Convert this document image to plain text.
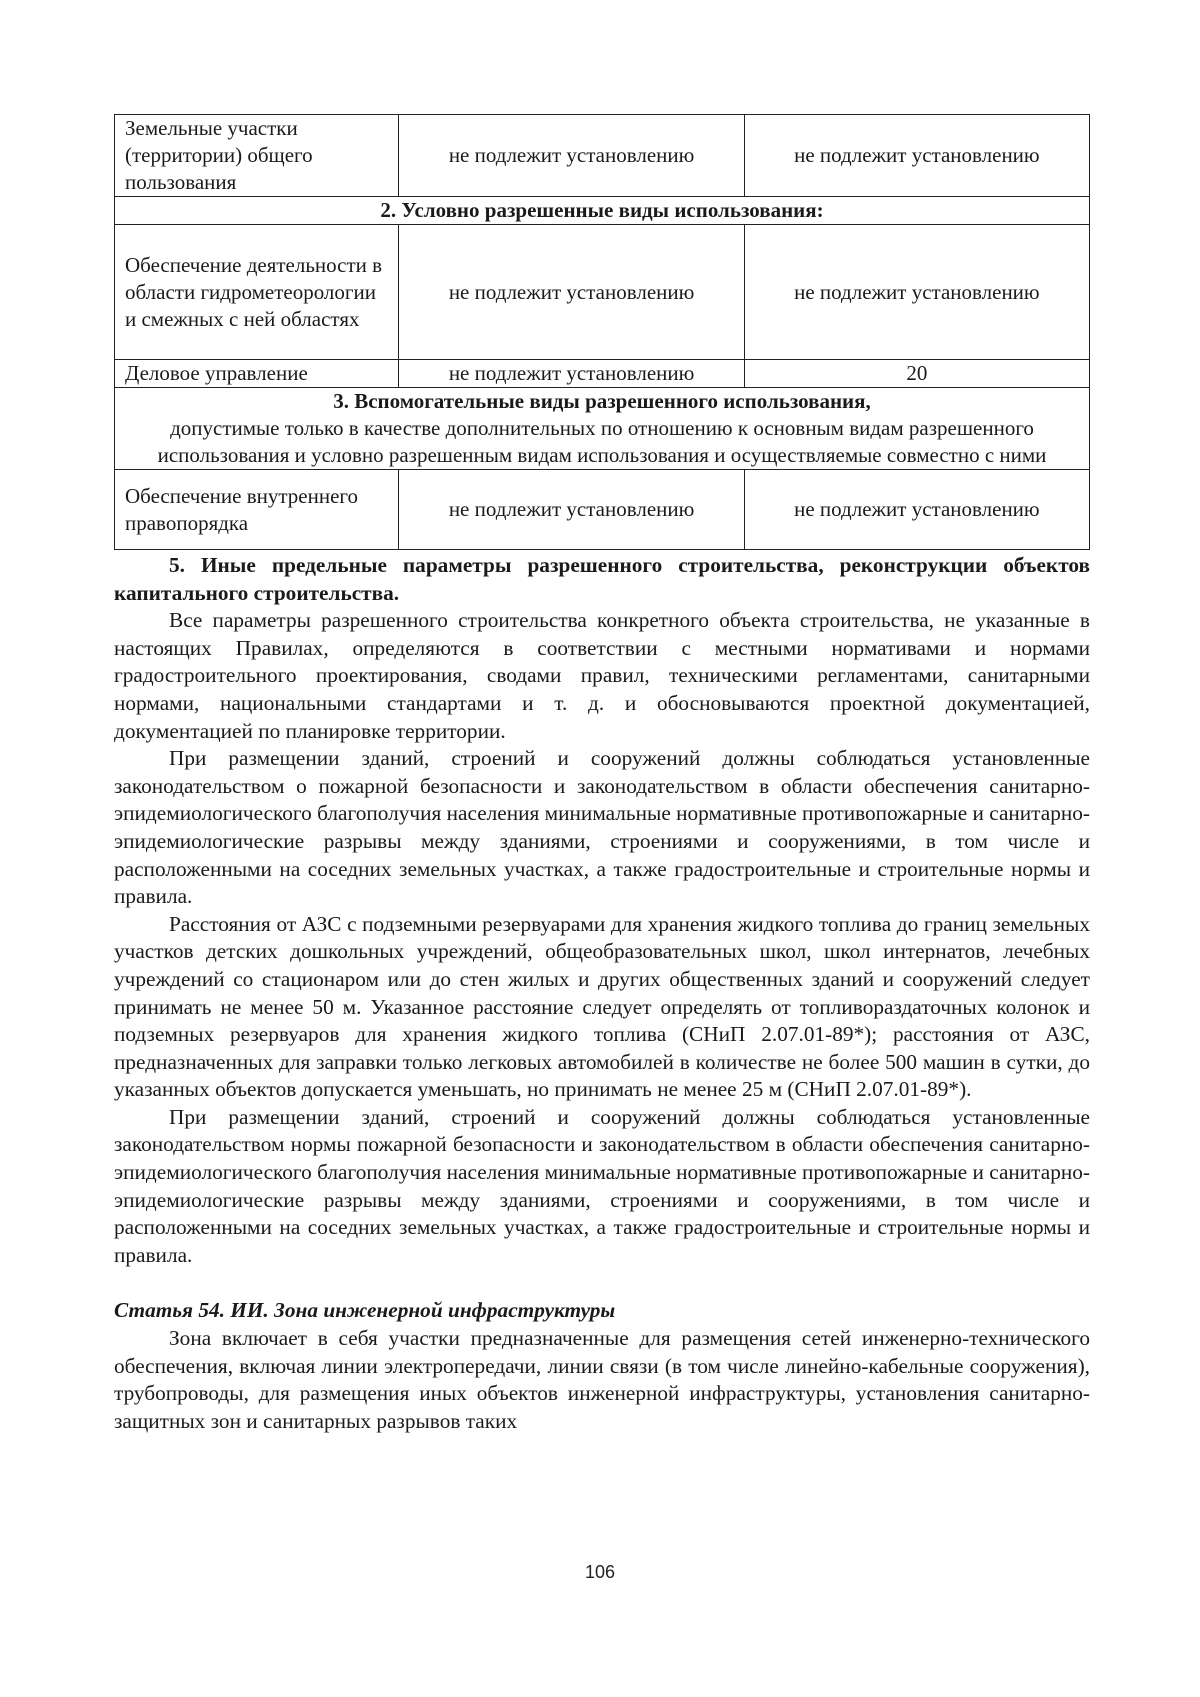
Земельные участки (территории) общего пользования	не подлежит установлению	не подлежит установлению
2. Условно разрешенные виды использования:		
Обеспечение деятельности в области гидрометеорологии и смежных с ней областях	не подлежит установлению	не подлежит установлению
Деловое управление	не подлежит установлению	20

3. Вспомогательные виды разрешенного использования,
допустимые только в качестве дополнительных по отношению к основным видам разрешенного использования и условно разрешенным видам использования и осуществляемые совместно с ними		

Обеспечение внутреннего правопорядка	не подлежит установлению	не подлежит установлению

5. Иные предельные параметры разрешенного строительства, реконструкции объектов капитального строительства.

Все параметры разрешенного строительства конкретного объекта строительства, не указанные в настоящих Правилах, определяются в соответствии с местными нормативами и нормами градостроительного проектирования, сводами правил, техническими регламентами, санитарными нормами, национальными стандартами и т. д. и обосновываются проектной документацией, документацией по планировке территории.

При размещении зданий, строений и сооружений должны соблюдаться установленные законодательством о пожарной безопасности и законодательством в области обеспечения санитарно-эпидемиологического благополучия населения минимальные нормативные противопожарные и санитарно-эпидемиологические разрывы между зданиями, строениями и сооружениями, в том числе и расположенными на соседних земельных участках, а также градостроительные и строительные нормы и правила.

Расстояния от АЗС с подземными резервуарами для хранения жидкого топлива до границ земельных участков детских дошкольных учреждений, общеобразовательных школ, школ интернатов, лечебных учреждений со стационаром или до стен жилых и других общественных зданий и сооружений следует принимать не менее 50 м. Указанное расстояние следует определять от топливораздаточных колонок и подземных резервуаров для хранения жидкого топлива (СНиП 2.07.01-89*); расстояния от АЗС, предназначенных для заправки только легковых автомобилей в количестве не более 500 машин в сутки, до указанных объектов допускается уменьшать, но принимать не менее 25 м (СНиП 2.07.01-89*).

При размещении зданий, строений и сооружений должны соблюдаться установленные законодательством нормы пожарной безопасности и законодательством в области обеспечения санитарно-эпидемиологического благополучия населения минимальные нормативные противопожарные и санитарно-эпидемиологические разрывы между зданиями, строениями и сооружениями, в том числе и расположенными на соседних земельных участках, а также градостроительные и строительные нормы и правила.

Статья 54. ИИ. Зона инженерной инфраструктуры

Зона включает в себя участки предназначенные для размещения сетей инженерно-технического обеспечения, включая линии электропередачи, линии связи (в том числе линейно-кабельные сооружения), трубопроводы, для размещения иных объектов инженерной инфраструктуры, установления санитарно-защитных зон и санитарных разрывов таких

106
